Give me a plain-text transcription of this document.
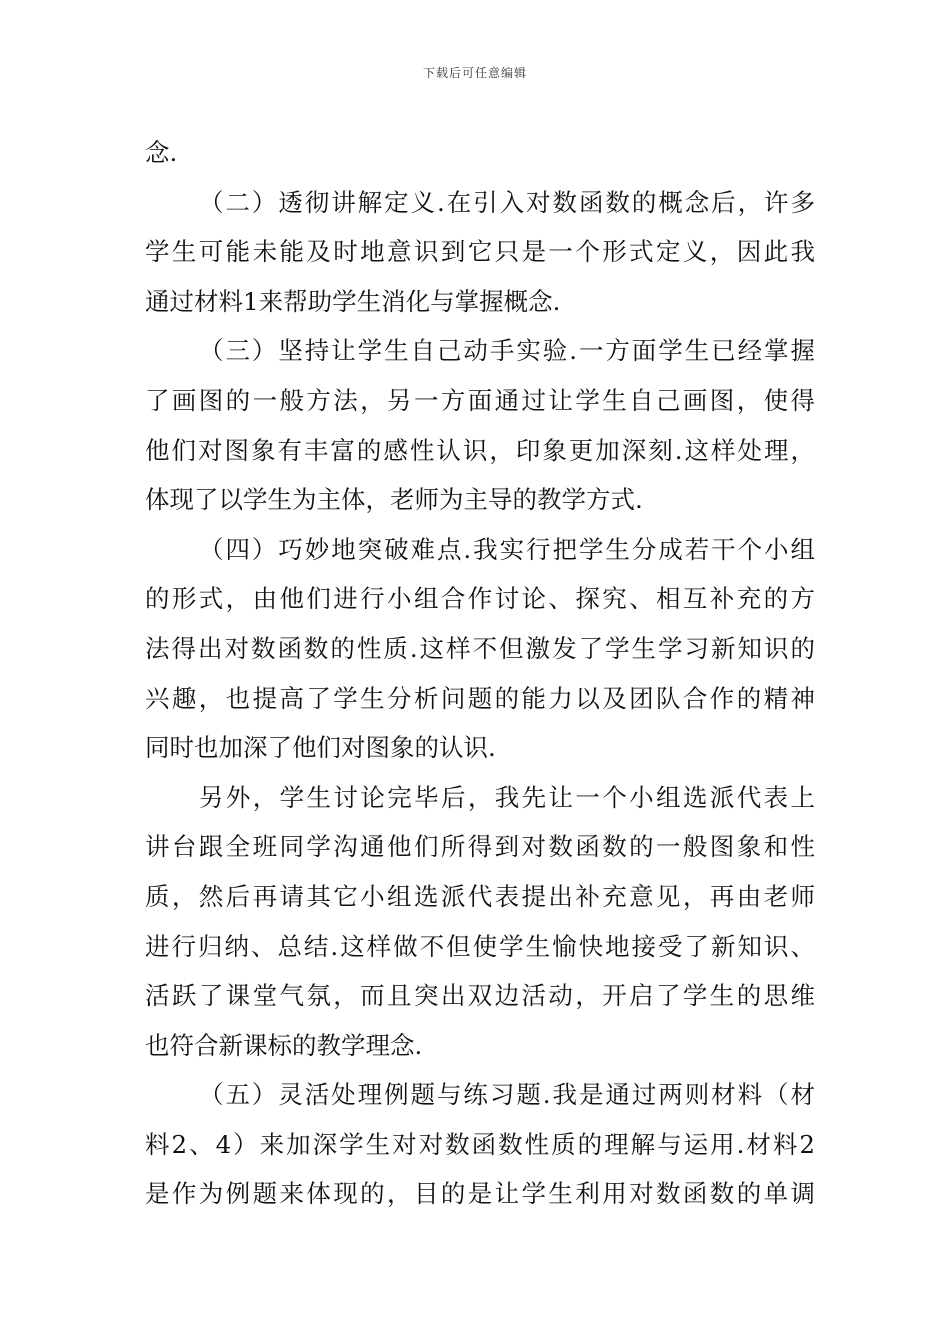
下载后可任意编辑
念.
（二）透彻讲解定义.在引入对数函数的概念后，许多
学生可能未能及时地意识到它只是一个形式定义，因此我
通过材料1来帮助学生消化与掌握概念.
（三）坚持让学生自己动手实验.一方面学生已经掌握
了画图的一般方法，另一方面通过让学生自己画图，使得
他们对图象有丰富的感性认识，印象更加深刻.这样处理，
体现了以学生为主体，老师为主导的教学方式.
（四）巧妙地突破难点.我实行把学生分成若干个小组
的形式，由他们进行小组合作讨论、探究、相互补充的方
法得出对数函数的性质.这样不但激发了学生学习新知识的
兴趣，也提高了学生分析问题的能力以及团队合作的精神
同时也加深了他们对图象的认识.
另外，学生讨论完毕后，我先让一个小组选派代表上
讲台跟全班同学沟通他们所得到对数函数的一般图象和性
质，然后再请其它小组选派代表提出补充意见，再由老师
进行归纳、总结.这样做不但使学生愉快地接受了新知识、
活跃了课堂气氛，而且突出双边活动，开启了学生的思维
也符合新课标的教学理念.
（五）灵活处理例题与练习题.我是通过两则材料（材
料2、4）来加深学生对对数函数性质的理解与运用.材料2
是作为例题来体现的，目的是让学生利用对数函数的单调
